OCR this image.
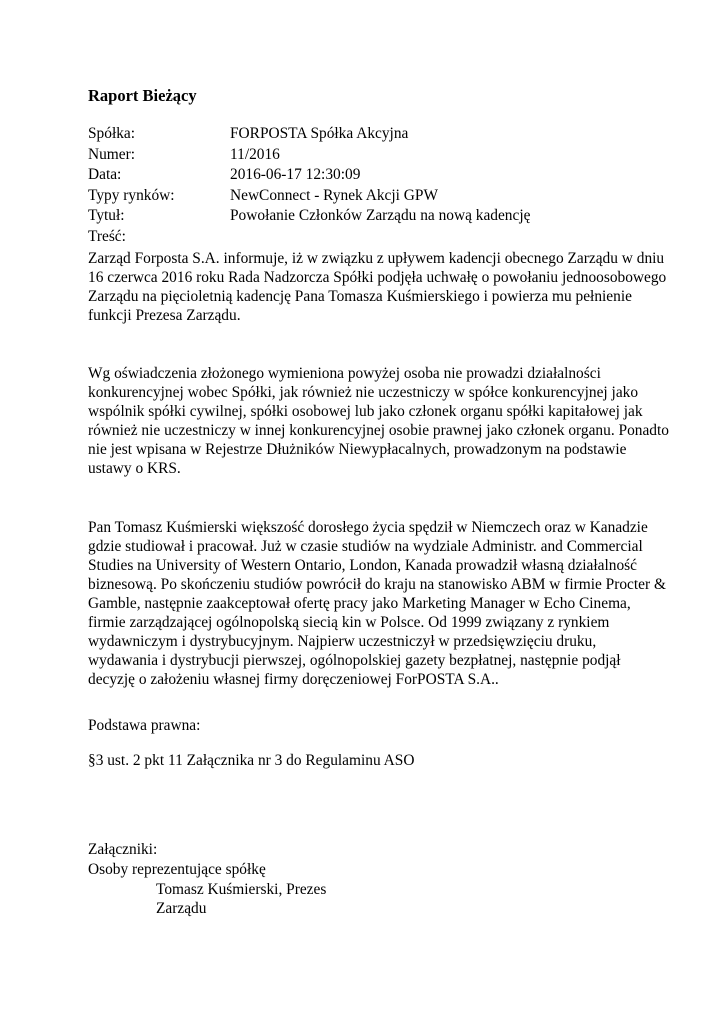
Raport Bieżący
Spółka:	FORPOSTA Spółka Akcyjna
Numer:	11/2016
Data:	2016-06-17 12:30:09
Typy rynków:	NewConnect - Rynek Akcji GPW
Tytuł:	Powołanie Członków Zarządu na nową kadencję
Treść:
Zarząd Forposta S.A. informuje, iż w związku z upływem kadencji obecnego Zarządu w dniu
16 czerwca 2016 roku Rada Nadzorcza Spółki podjęła uchwałę o powołaniu jednoosobowego
Zarządu na pięcioletnią kadencję Pana Tomasza Kuśmierskiego i powierza mu pełnienie
funkcji Prezesa Zarządu.
Wg oświadczenia złożonego wymieniona powyżej osoba nie prowadzi działalności
konkurencyjnej wobec Spółki, jak również nie uczestniczy w spółce konkurencyjnej jako
wspólnik spółki cywilnej, spółki osobowej lub jako członek organu spółki kapitałowej jak
również nie uczestniczy w innej konkurencyjnej osobie prawnej jako członek organu. Ponadto
nie jest wpisana w Rejestrze Dłużników Niewypłacalnych, prowadzonym na podstawie
ustawy o KRS.
Pan Tomasz Kuśmierski większość dorosłego życia spędził w Niemczech oraz w Kanadzie
gdzie studiował i pracował. Już w czasie studiów na wydziale Administr. and Commercial
Studies na University of Western Ontario, London, Kanada prowadził własną działalność
biznesową. Po skończeniu studiów powrócił do kraju na stanowisko ABM w firmie Procter &
Gamble, następnie zaakceptował ofertę pracy jako Marketing Manager w Echo Cinema,
firmie zarządzającej ogólnopolską siecią kin w Polsce. Od 1999 związany z rynkiem
wydawniczym i dystrybucyjnym. Najpierw uczestniczył w przedsięwzięciu druku,
wydawania i dystrybucji pierwszej, ogólnopolskiej gazety bezpłatnej, następnie podjął
decyzję o założeniu własnej firmy doręczeniowej ForPOSTA S.A..
Podstawa prawna:
§3 ust. 2 pkt 11 Załącznika nr 3 do Regulaminu ASO
Załączniki:
Osoby reprezentujące spółkę
Tomasz Kuśmierski, Prezes
Zarządu
